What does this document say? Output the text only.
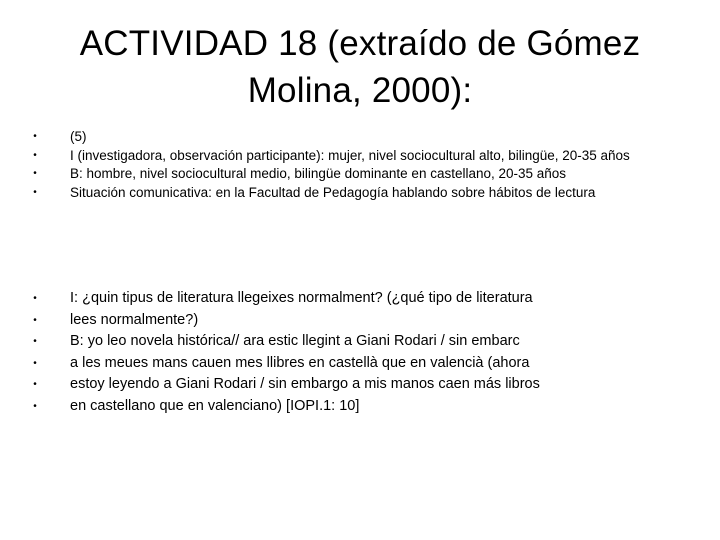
ACTIVIDAD 18 (extraído de Gómez
Molina, 2000):
• (5)
• I (investigadora, observación participante): mujer, nivel sociocultural alto, bilingüe, 20-35 años
• B: hombre, nivel sociocultural medio, bilingüe dominante en castellano, 20-35 años
• Situación comunicativa: en la Facultad de Pedagogía hablando sobre hábitos de lectura
• I: ¿quin tipus de literatura llegeixes normalment? (¿qué tipo de literatura
• lees normalmente?)
• B: yo leo novela histórica// ara estic llegint a Giani Rodari / sin embarc
• a les meues mans cauen mes llibres en castellà que en valencià (ahora
• estoy leyendo a Giani Rodari / sin embargo a mis manos caen más libros
• en castellano que en valenciano) [IOPI.1: 10]
